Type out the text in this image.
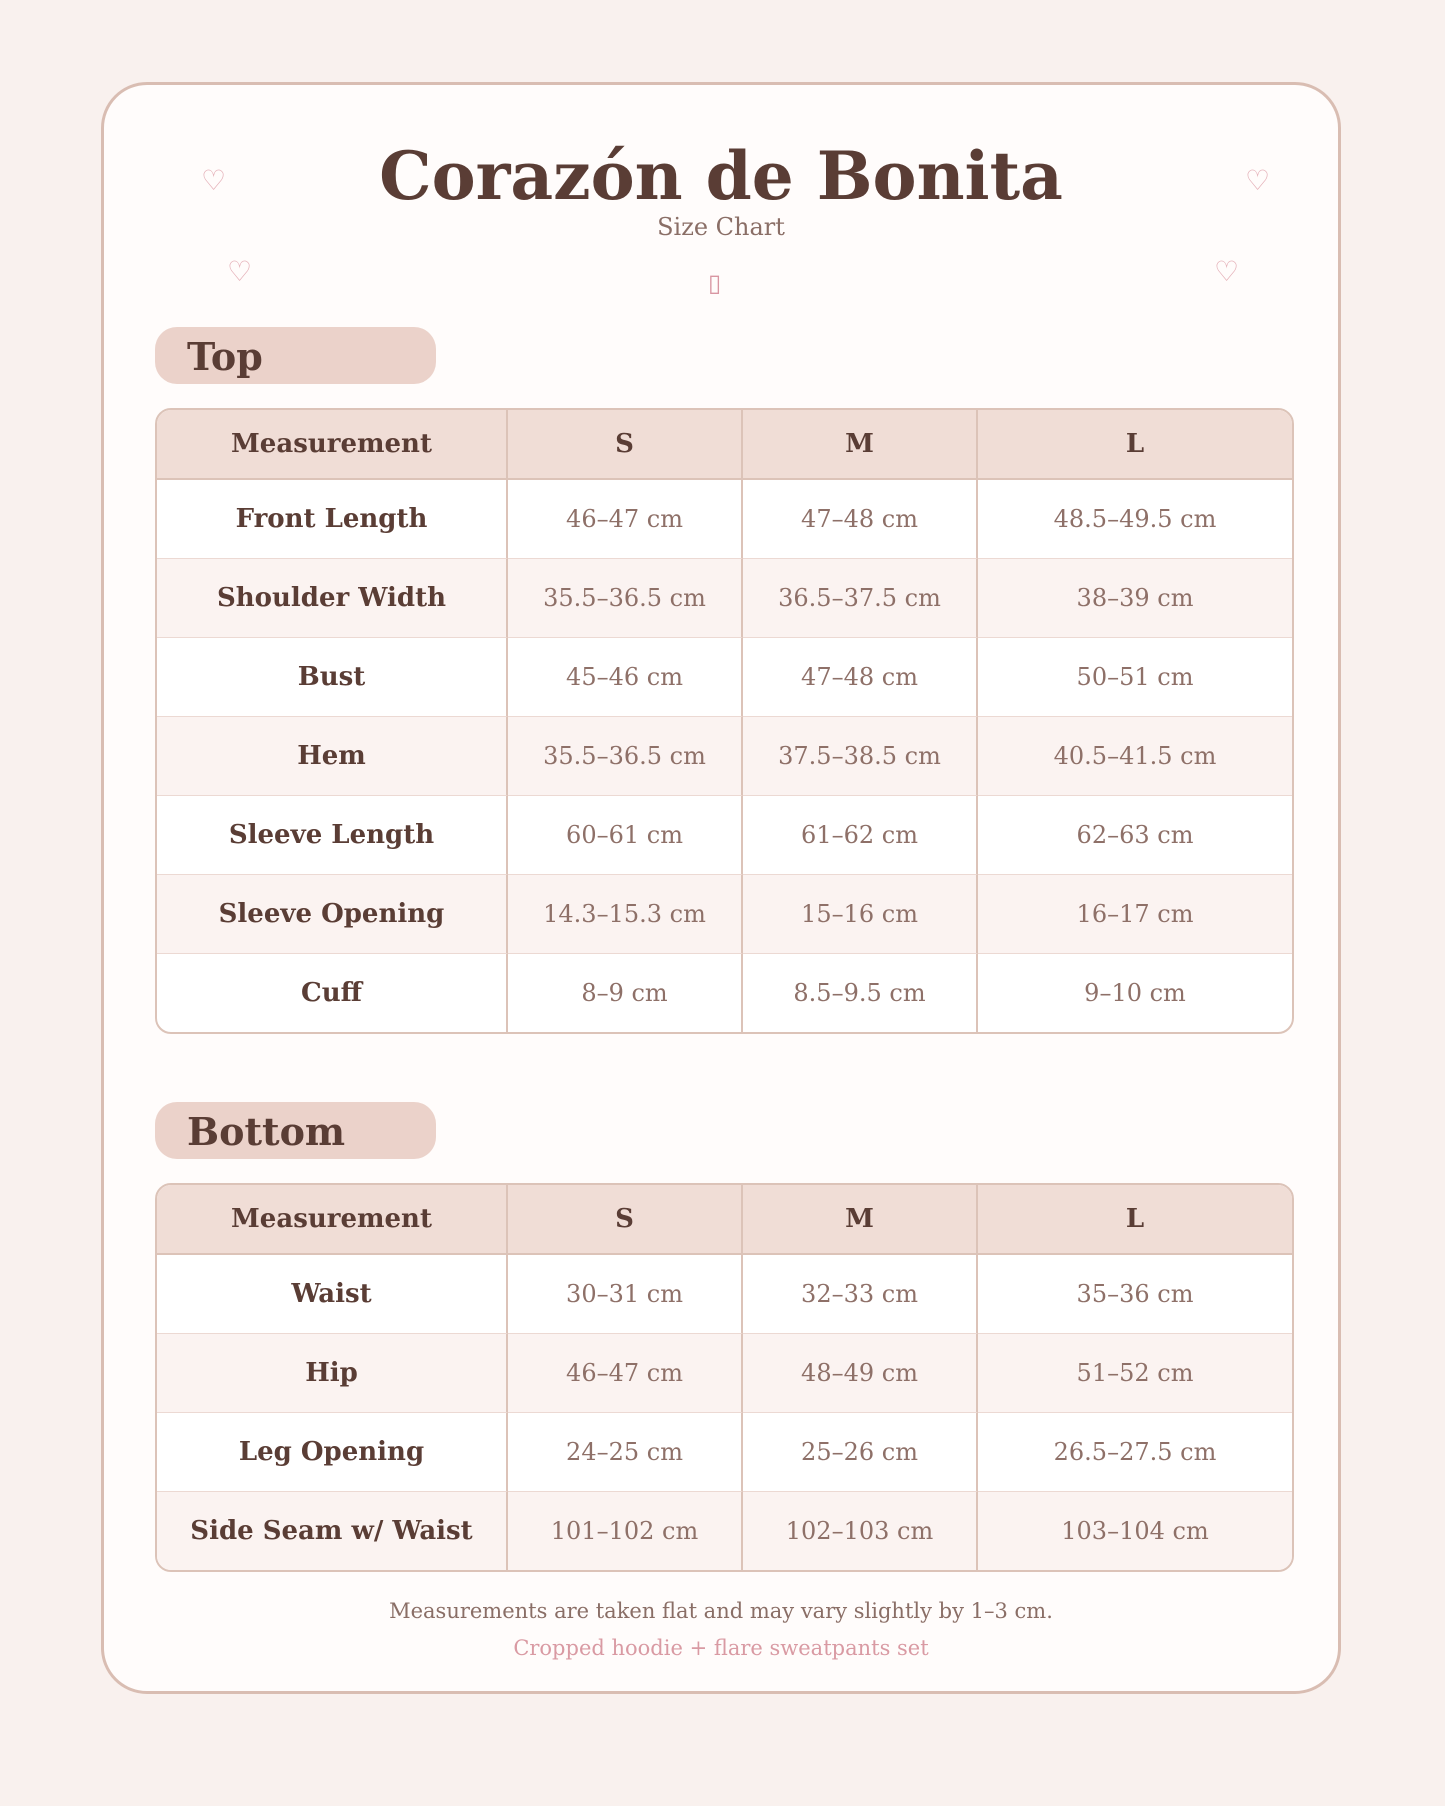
♡	♡
♡	♡
▯
Corazón de Bonita
Size Chart
Top
Measurement	S	M	L
Front Length	46–47 cm	47–48 cm	48.5–49.5 cm
Shoulder Width	35.5–36.5 cm	36.5–37.5 cm	38–39 cm
Bust	45–46 cm	47–48 cm	50–51 cm
Hem	35.5–36.5 cm	37.5–38.5 cm	40.5–41.5 cm
Sleeve Length	60–61 cm	61–62 cm	62–63 cm
Sleeve Opening	14.3–15.3 cm	15–16 cm	16–17 cm
Cuff	8–9 cm	8.5–9.5 cm	9–10 cm
Bottom
Measurement	S	M	L
Waist	30–31 cm	32–33 cm	35–36 cm
Hip	46–47 cm	48–49 cm	51–52 cm
Leg Opening	24–25 cm	25–26 cm	26.5–27.5 cm
Side Seam w/ Waist	101–102 cm	102–103 cm	103–104 cm
Measurements are taken flat and may vary slightly by 1–3 cm.
Cropped hoodie + flare sweatpants set
